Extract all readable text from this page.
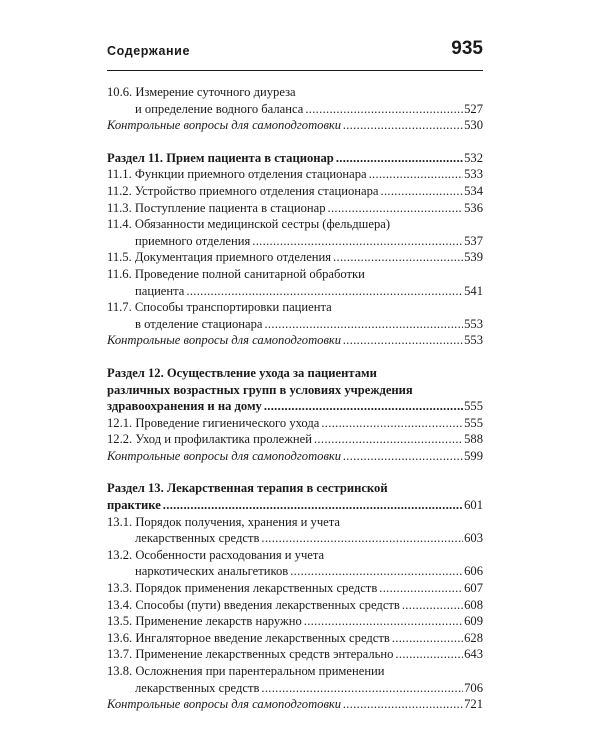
Содержание	935
10.6. Измерение суточного диуреза
и определение водного баланса .....	527
Контрольные вопросы для самоподготовки .....	530
Раздел 11. Прием пациента в стационар .....	532
11.1. Функции приемного отделения стационара .....	533
11.2. Устройство приемного отделения стационара .....	534
11.3. Поступление пациента в стационар .....	536
11.4. Обязанности медицинской сестры (фельдшера)
приемного отделения .....	537
11.5. Документация приемного отделения .....	539
11.6. Проведение полной санитарной обработки
пациента .....	541
11.7. Способы транспортировки пациента
в отделение стационара .....	553
Контрольные вопросы для самоподготовки .....	553
Раздел 12. Осуществление ухода за пациентами
различных возрастных групп в условиях учреждения
здравоохранения и на дому .....	555
12.1. Проведение гигиенического ухода .....	555
12.2. Уход и профилактика пролежней .....	588
Контрольные вопросы для самоподготовки .....	599
Раздел 13. Лекарственная терапия в сестринской
практике .....	601
13.1. Порядок получения, хранения и учета
лекарственных средств .....	603
13.2. Особенности расходования и учета
наркотических анальгетиков .....	606
13.3. Порядок применения лекарственных средств .....	607
13.4. Способы (пути) введения лекарственных средств .....	608
13.5. Применение лекарств наружно .....	609
13.6. Ингаляторное введение лекарственных средств .....	628
13.7. Применение лекарственных средств энтерально .....	643
13.8. Осложнения при парентеральном применении
лекарственных средств .....	706
Контрольные вопросы для самоподготовки .....	721
